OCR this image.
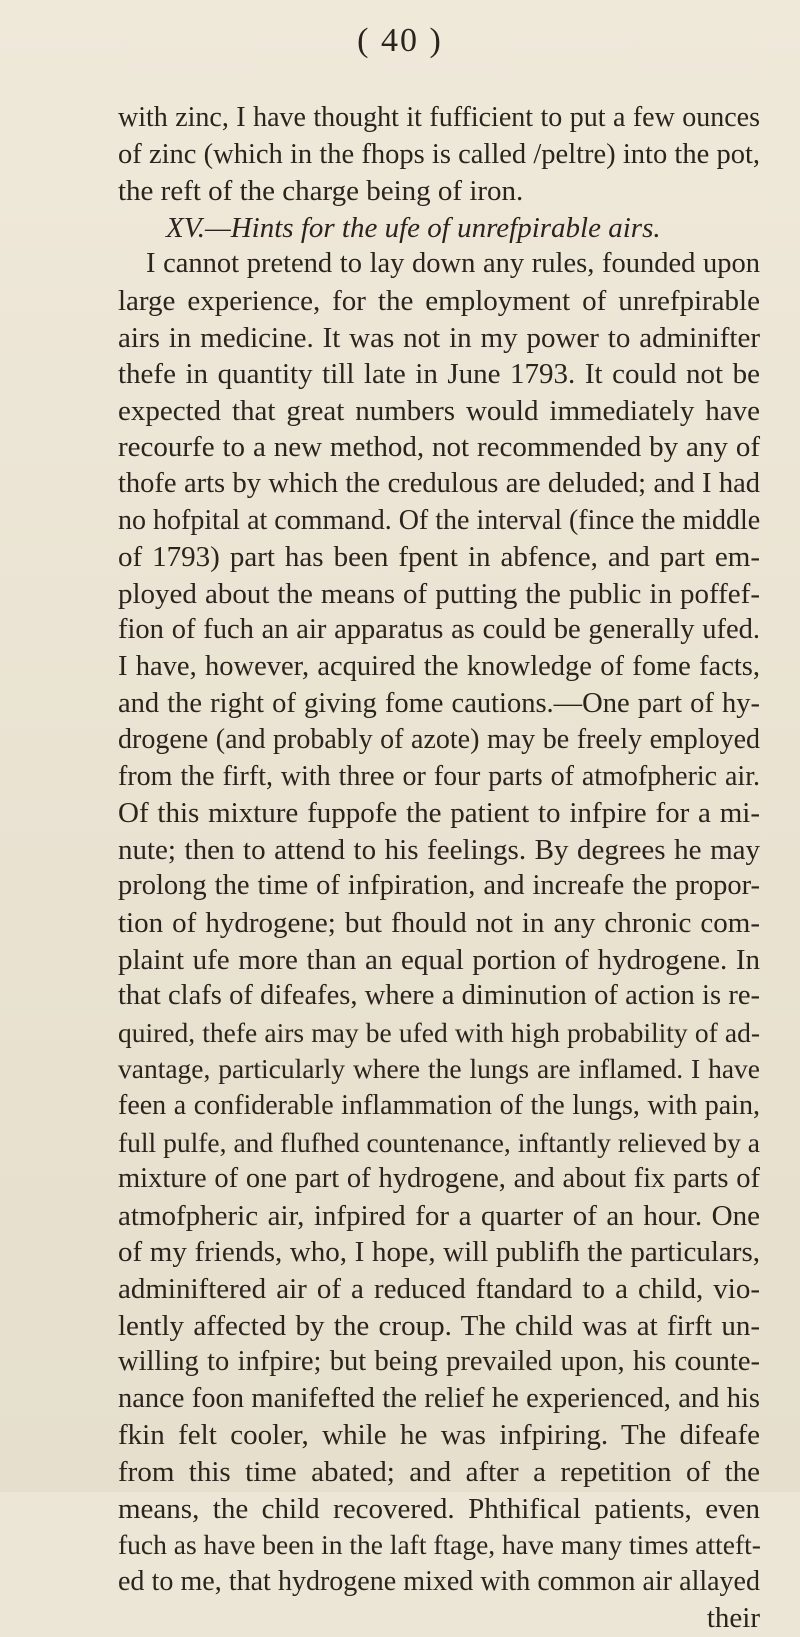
( 40 )
with zinc, I have thought it fufficient to put a few ounces
of zinc (which in the fhops is called /peltre) into the pot,
the reft of the charge being of iron.
XV.—Hints for the ufe of unrefpirable airs.
I cannot pretend to lay down any rules, founded upon
large experience, for the employment of unrefpirable
airs in medicine. It was not in my power to adminifter
thefe in quantity till late in June 1793. It could not be
expected that great numbers would immediately have
recourfe to a new method, not recommended by any of
thofe arts by which the credulous are deluded; and I had
no hofpital at command. Of the interval (fince the middle
of 1793) part has been fpent in abfence, and part em-
ployed about the means of putting the public in poffef-
fion of fuch an air apparatus as could be generally ufed.
I have, however, acquired the knowledge of fome facts,
and the right of giving fome cautions.—One part of hy-
drogene (and probably of azote) may be freely employed
from the firft, with three or four parts of atmofpheric air.
Of this mixture fuppofe the patient to infpire for a mi-
nute; then to attend to his feelings. By degrees he may
prolong the time of infpiration, and increafe the propor-
tion of hydrogene; but fhould not in any chronic com-
plaint ufe more than an equal portion of hydrogene. In
that clafs of difeafes, where a diminution of action is re-
quired, thefe airs may be ufed with high probability of ad-
vantage, particularly where the lungs are inflamed. I have
feen a confiderable inflammation of the lungs, with pain,
full pulfe, and flufhed countenance, inftantly relieved by a
mixture of one part of hydrogene, and about fix parts of
atmofpheric air, infpired for a quarter of an hour. One
of my friends, who, I hope, will publifh the particulars,
adminiftered air of a reduced ftandard to a child, vio-
lently affected by the croup. The child was at firft un-
willing to infpire; but being prevailed upon, his counte-
nance foon manifefted the relief he experienced, and his
fkin felt cooler, while he was infpiring. The difeafe
from this time abated; and after a repetition of the
means, the child recovered. Phthifical patients, even
fuch as have been in the laft ftage, have many times atteft-
ed to me, that hydrogene mixed with common air allayed
their
